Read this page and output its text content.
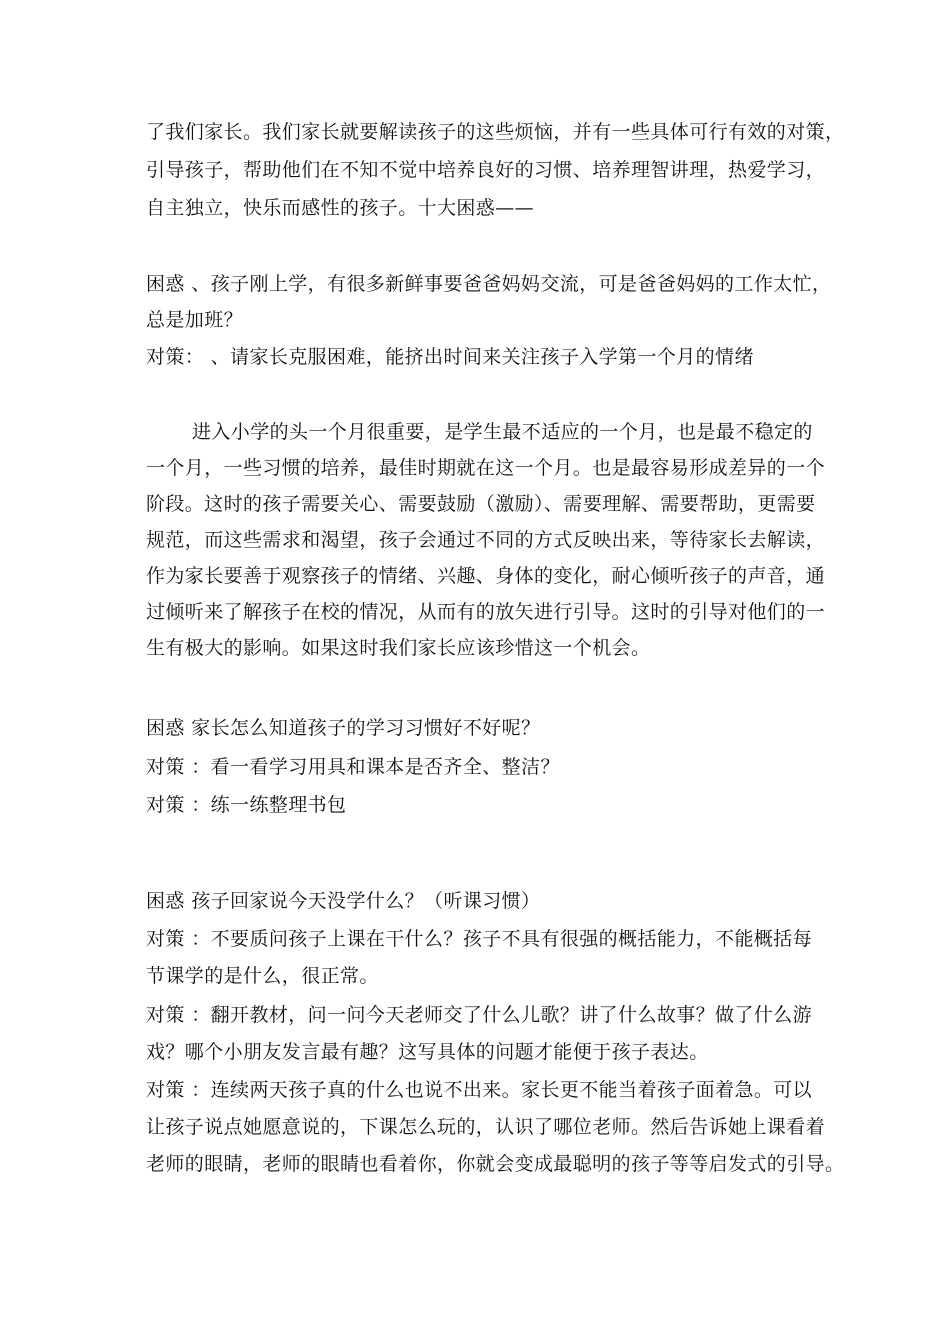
了我们家长。我们家长就要解读孩子的这些烦恼，并有一些具体可行有效的对策，
引导孩子，帮助他们在不知不觉中培养良好的习惯、培养理智讲理，热爱学习，
自主独立，快乐而感性的孩子。十大困惑——
困惑 、孩子刚上学，有很多新鲜事要爸爸妈妈交流，可是爸爸妈妈的工作太忙，
总是加班？
对策： 、请家长克服困难，能挤出时间来关注孩子入学第一个月的情绪
进入小学的头一个月很重要，是学生最不适应的一个月，也是最不稳定的
一个月，一些习惯的培养，最佳时期就在这一个月。也是最容易形成差异的一个
阶段。这时的孩子需要关心、需要鼓励（激励）、需要理解、需要帮助，更需要
规范，而这些需求和渴望，孩子会通过不同的方式反映出来，等待家长去解读，
作为家长要善于观察孩子的情绪、兴趣、身体的变化，耐心倾听孩子的声音，通
过倾听来了解孩子在校的情况，从而有的放矢进行引导。这时的引导对他们的一
生有极大的影响。如果这时我们家长应该珍惜这一个机会。
困惑 家长怎么知道孩子的学习习惯好不好呢？
对策 ：看一看学习用具和课本是否齐全、整洁？
对策 ：练一练整理书包
困惑 孩子回家说今天没学什么？（听课习惯）
对策 ：不要质问孩子上课在干什么？孩子不具有很强的概括能力，不能概括每
节课学的是什么，很正常。
对策 ：翻开教材，问一问今天老师交了什么儿歌？讲了什么故事？做了什么游
戏？哪个小朋友发言最有趣？这写具体的问题才能便于孩子表达。
对策 ：连续两天孩子真的什么也说不出来。家长更不能当着孩子面着急。可以
让孩子说点她愿意说的，下课怎么玩的，认识了哪位老师。然后告诉她上课看着
老师的眼睛，老师的眼睛也看着你，你就会变成最聪明的孩子等等启发式的引导。
